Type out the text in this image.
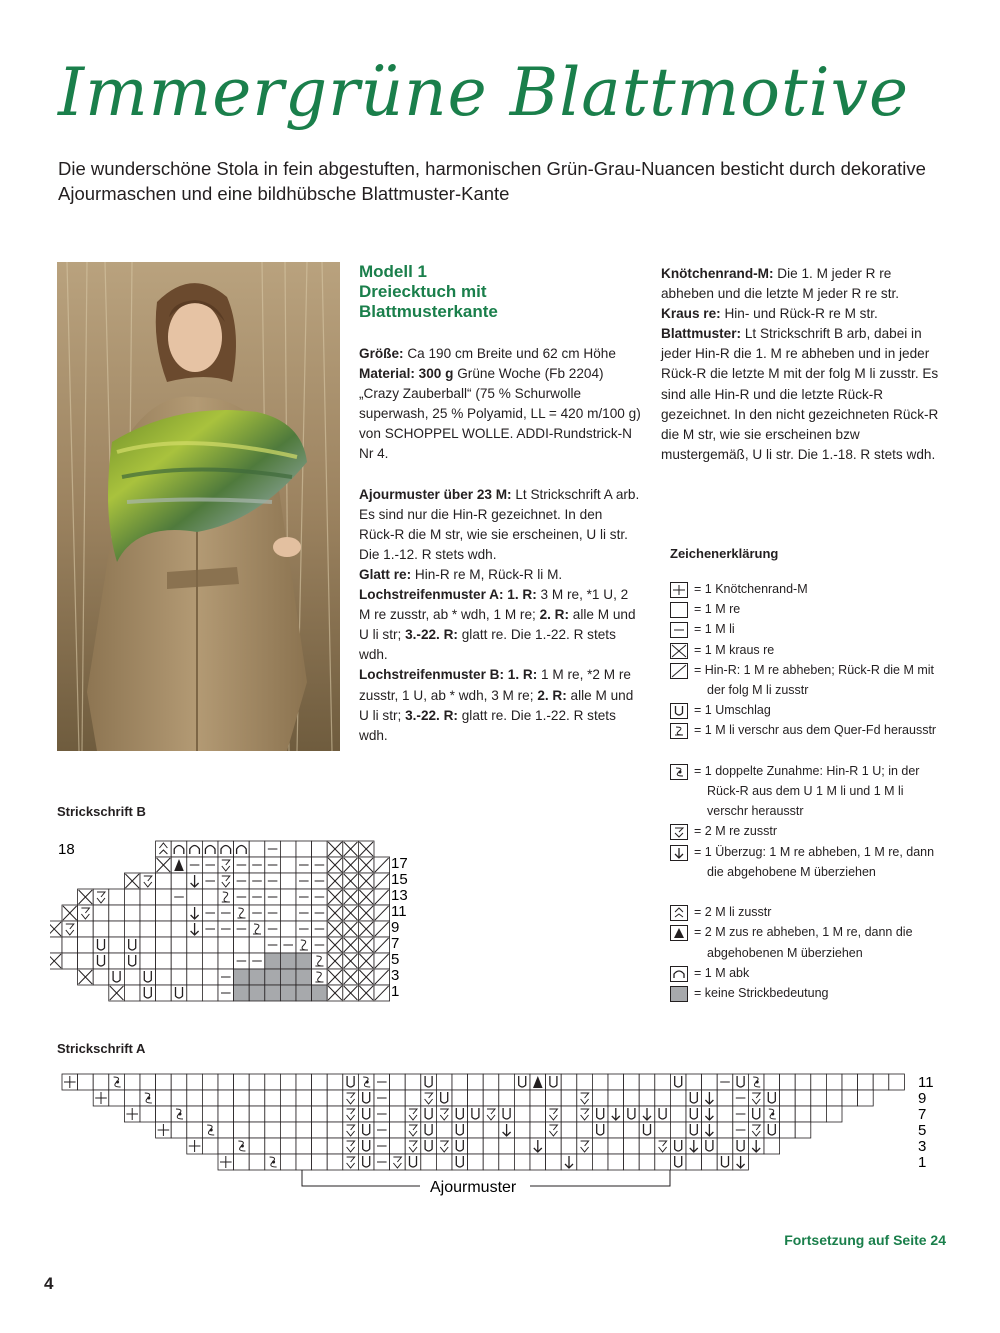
Immergrüne Blattmotive
Die wunderschöne Stola in fein abgestuften, harmonischen Grün-Grau-Nuancen besticht durch dekorative Ajourmaschen und eine bildhübsche Blattmuster-Kante

Modell 1

Dreiecktuch mit

Blattmusterkante

Größe: Ca 190 cm Breite und 62 cm Höhe

Material: 300 g Grüne Woche (Fb 2204) „Crazy Zauberball“ (75 % Schurwolle superwash, 25 % Polyamid, LL = 420 m/100 g) von SCHOPPEL WOLLE. ADDI-Rundstrick-N Nr 4.

Ajourmuster über 23 M: Lt Strickschrift A arb. Es sind nur die Hin-R gezeichnet. In den Rück-R die M str, wie sie erscheinen, U li str. Die 1.-12. R stets wdh.

Glatt re: Hin-R re M, Rück-R li M.

Lochstreifenmuster A: 1. R: 3 M re, *1 U, 2 M re zusstr, ab * wdh, 1 M re; 2. R: alle M und U li str; 3.-22. R: glatt re. Die 1.-22. R stets wdh.

Lochstreifenmuster B: 1. R: 1 M re, *2 M re zusstr, 1 U, ab * wdh, 3 M re; 2. R: alle M und U li str; 3.-22. R: glatt re. Die 1.-22. R stets wdh.

Knötchenrand-M: Die 1. M jeder R re abheben und die letzte M jeder R re str.

Kraus re: Hin- und Rück-R re M str.

Blattmuster: Lt Strickschrift B arb, dabei in jeder Hin-R die 1. M re abheben und in jeder Rück-R die letzte M mit der folg M li zusstr. Es sind alle Hin-R und die letzte Rück-R gezeichnet. In den nicht gezeichneten Rück-R die M str, wie sie erscheinen bzw mustergemäß, U li str. Die 1.-18. R stets wdh.

Zeichenerklärung
= 1 Knötchenrand-M
= 1 M re
= 1 M li
= 1 M kraus re
= Hin-R: 1 M re abheben; Rück-R die M mit
der folg M li zusstr
= 1 Umschlag
= 1 M li verschr aus dem Quer-Fd herausstr
= 1 doppelte Zunahme: Hin-R 1 U; in der
Rück-R aus dem U 1 M li und 1 M li
verschr herausstr
= 2 M re zusstr
= 1 Überzug: 1 M re abheben, 1 M re, dann
die abgehobene M überziehen
= 2 M li zusstr
= 2 M zus re abheben, 1 M re, dann die
abgehobenen M überziehen
= 1 M abk
= keine Strickbedeutung
Strickschrift B
Strickschrift A
18
17
15
13
11
9
7
5
3
1
11
9
7
5
3
1
Ajourmuster
Fortsetzung auf Seite 24
4
